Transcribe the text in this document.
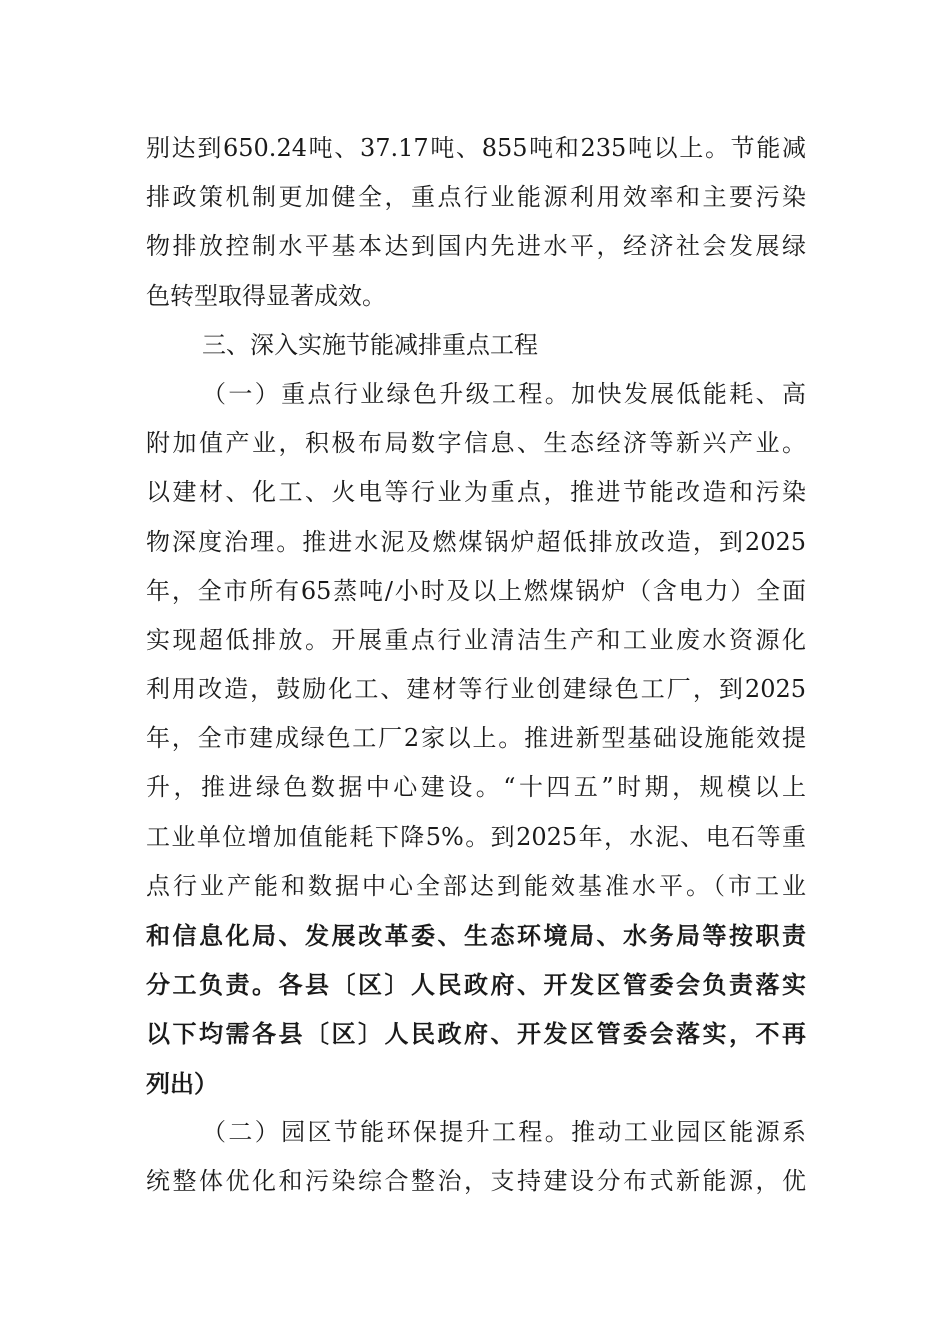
别达到650.24吨、37.17吨、855吨和235吨以上。节能减
排政策机制更加健全，重点行业能源利用效率和主要污染
物排放控制水平基本达到国内先进水平，经济社会发展绿
色转型取得显著成效。
三、深入实施节能减排重点工程
（一）重点行业绿色升级工程。加快发展低能耗、高
附加值产业，积极布局数字信息、生态经济等新兴产业。
以建材、化工、火电等行业为重点，推进节能改造和污染
物深度治理。推进水泥及燃煤锅炉超低排放改造，到2025
年，全市所有65蒸吨/小时及以上燃煤锅炉（含电力）全面
实现超低排放。开展重点行业清洁生产和工业废水资源化
利用改造，鼓励化工、建材等行业创建绿色工厂，到2025
年，全市建成绿色工厂2家以上。推进新型基础设施能效提
升，推进绿色数据中心建设。“十四五”时期，规模以上
工业单位增加值能耗下降5%。到2025年，水泥、电石等重
点行业产能和数据中心全部达到能效基准水平。（市工业
和信息化局、发展改革委、生态环境局、水务局等按职责
分工负责。各县〔区〕人民政府、开发区管委会负责落实
以下均需各县〔区〕人民政府、开发区管委会落实，不再
列出）
（二）园区节能环保提升工程。推动工业园区能源系
统整体优化和污染综合整治，支持建设分布式新能源，优
